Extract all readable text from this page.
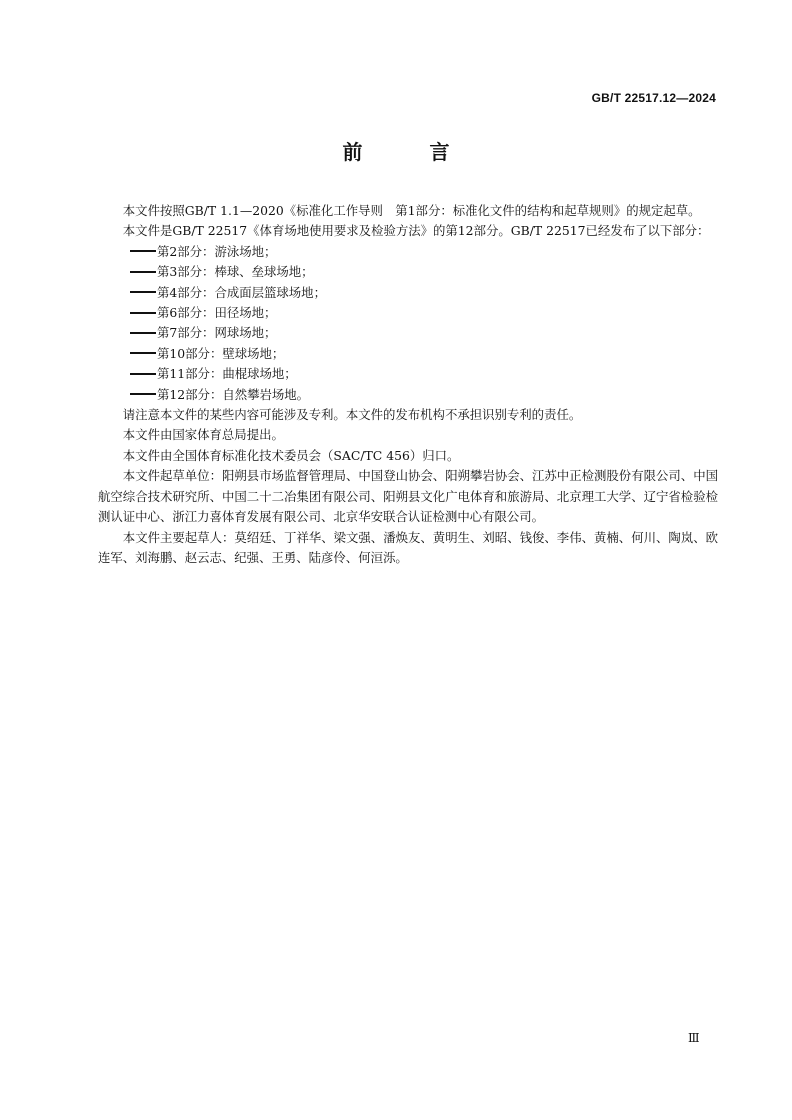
GB/T 22517.12—2024
前 言

本文件按照GB/T 1.1—2020《标准化工作导则　第1部分：标准化文件的结构和起草规则》的规定起草。

本文件是GB/T 22517《体育场地使用要求及检验方法》的第12部分。GB/T 22517已经发布了以下部分：

第2部分：游泳场地；
第3部分：棒球、垒球场地；
第4部分：合成面层篮球场地；
第6部分：田径场地；
第7部分：网球场地；
第10部分：壁球场地；
第11部分：曲棍球场地；
第12部分：自然攀岩场地。

请注意本文件的某些内容可能涉及专利。本文件的发布机构不承担识别专利的责任。

本文件由国家体育总局提出。

本文件由全国体育标准化技术委员会（SAC/TC 456）归口。

本文件起草单位：阳朔县市场监督管理局、中国登山协会、阳朔攀岩协会、江苏中正检测股份有限公司、中国航空综合技术研究所、中国二十二冶集团有限公司、阳朔县文化广电体育和旅游局、北京理工大学、辽宁省检验检测认证中心、浙江力喜体育发展有限公司、北京华安联合认证检测中心有限公司。

本文件主要起草人：莫绍廷、丁祥华、梁文强、潘焕友、黄明生、刘昭、钱俊、李伟、黄楠、何川、陶岚、欧连军、刘海鹏、赵云志、纪强、王勇、陆彦伶、何洹泺。

Ⅲ
